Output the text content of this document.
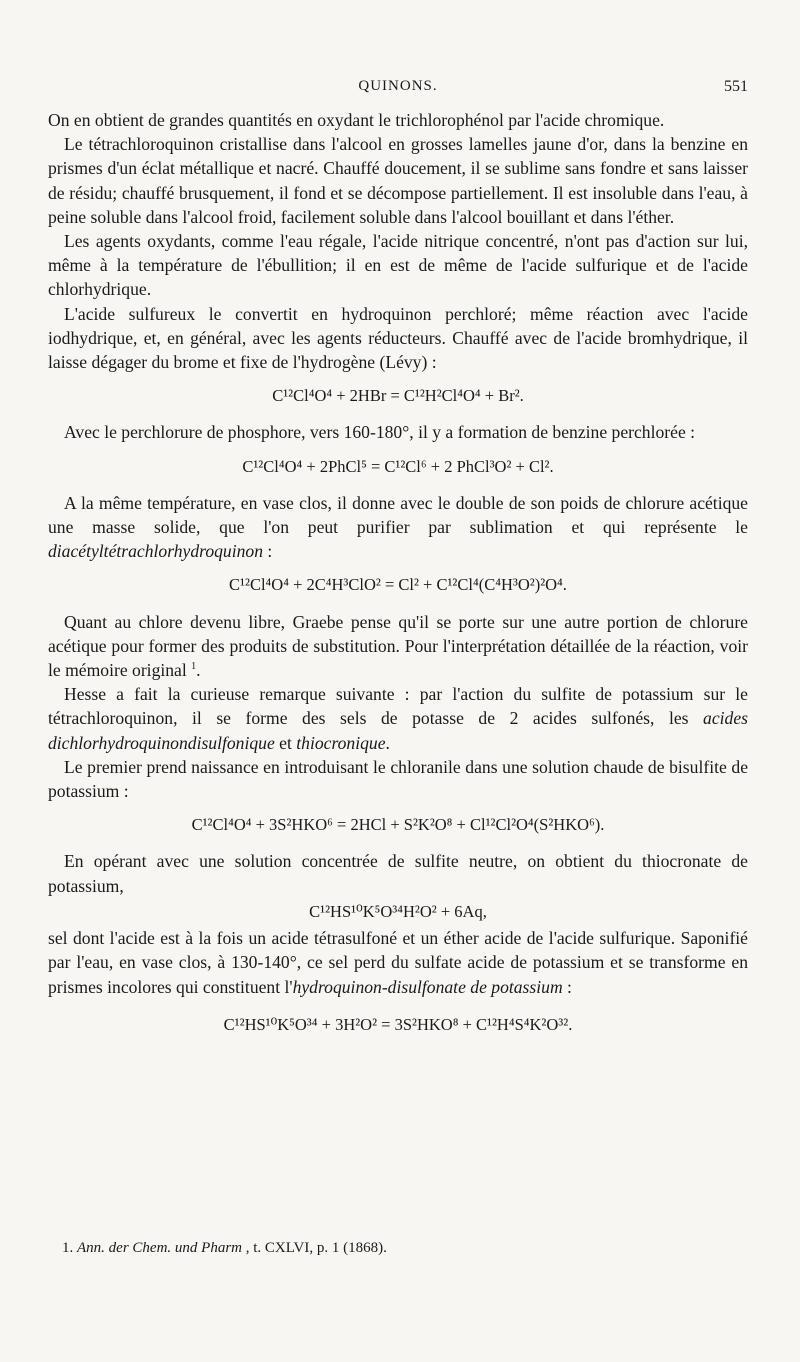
QUINONS.	551

On en obtient de grandes quantités en oxydant le trichlorophénol par l'acide chromique.

Le tétrachloroquinon cristallise dans l'alcool en grosses lamelles jaune d'or, dans la benzine en prismes d'un éclat métallique et nacré. Chauffé doucement, il se sublime sans fondre et sans laisser de résidu; chauffé brusquement, il fond et se décompose partiellement. Il est insoluble dans l'eau, à peine soluble dans l'alcool froid, facilement soluble dans l'alcool bouillant et dans l'éther.

Les agents oxydants, comme l'eau régale, l'acide nitrique concentré, n'ont pas d'action sur lui, même à la température de l'ébullition; il en est de même de l'acide sulfurique et de l'acide chlorhydrique.

L'acide sulfureux le convertit en hydroquinon perchloré; même réaction avec l'acide iodhydrique, et, en général, avec les agents réducteurs. Chauffé avec de l'acide bromhydrique, il laisse dégager du brome et fixe de l'hydrogène (Lévy) :

C¹²Cl⁴O⁴ + 2HBr = C¹²H²Cl⁴O⁴ + Br².

Avec le perchlorure de phosphore, vers 160-180°, il y a formation de benzine perchlorée :

C¹²Cl⁴O⁴ + 2PhCl⁵ = C¹²Cl⁶ + 2 PhCl³O² + Cl².

A la même température, en vase clos, il donne avec le double de son poids de chlorure acétique une masse solide, que l'on peut purifier par sublimation et qui représente le diacétyltétrachlorhydroquinon :

C¹²Cl⁴O⁴ + 2C⁴H³ClO² = Cl² + C¹²Cl⁴(C⁴H³O²)²O⁴.

Quant au chlore devenu libre, Graebe pense qu'il se porte sur une autre portion de chlorure acétique pour former des produits de substitution. Pour l'interprétation détaillée de la réaction, voir le mémoire original $^1$.

Hesse a fait la curieuse remarque suivante : par l'action du sulfite de potassium sur le tétrachloroquinon, il se forme des sels de potasse de 2 acides sulfonés, les acides dichlorhydroquinondisulfonique et thiocronique.

Le premier prend naissance en introduisant le chloranile dans une solution chaude de bisulfite de potassium :

C¹²Cl⁴O⁴ + 3S²HKO⁶ = 2HCl + S²K²O⁸ + Cl¹²Cl²O⁴(S²HKO⁶).

En opérant avec une solution concentrée de sulfite neutre, on obtient du thiocronate de potassium,

C¹²HS¹⁰K⁵O³⁴H²O² + 6Aq,

sel dont l'acide est à la fois un acide tétrasulfoné et un éther acide de l'acide sulfurique. Saponifié par l'eau, en vase clos, à 130-140°, ce sel perd du sulfate acide de potassium et se transforme en prismes incolores qui constituent l'hydroquinon-disulfonate de potassium :

C¹²HS¹⁰K⁵O³⁴ + 3H²O² = 3S²HKO⁸ + C¹²H⁴S⁴K²O³².
1. Ann. der Chem. und Pharm , t. CXLVI, p. 1 (1868).
